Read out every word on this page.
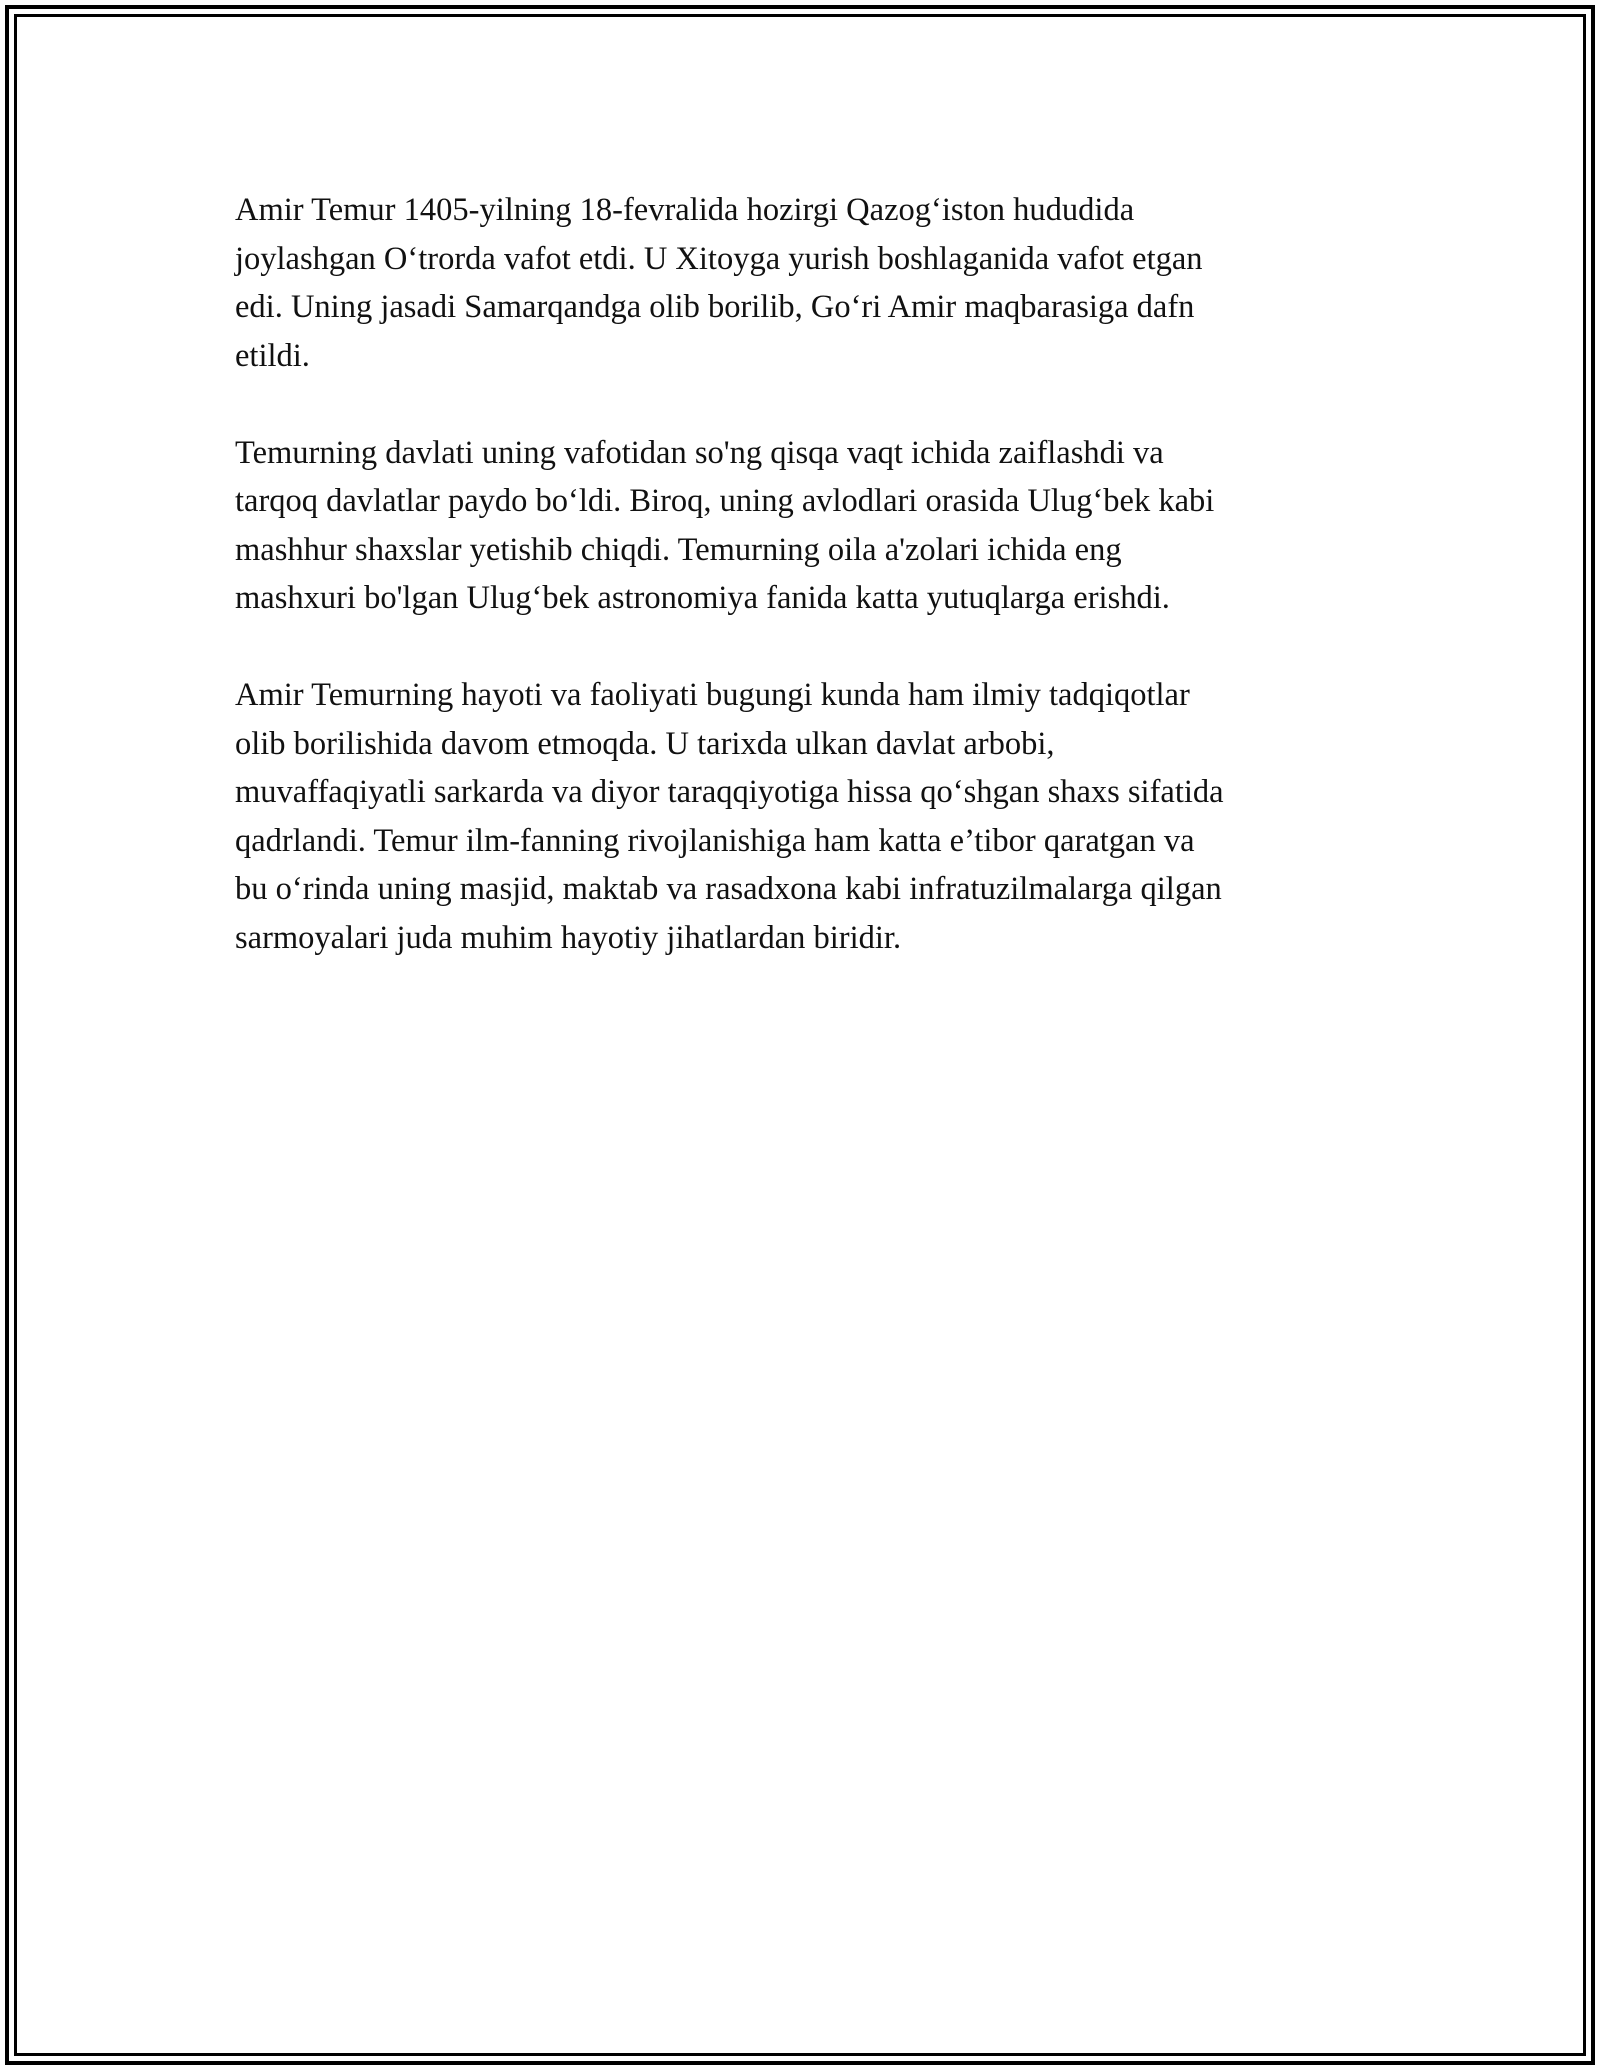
Amir Temur 1405-yilning 18-fevralida hozirgi Qazog‘iston hududida
joylashgan O‘trorda vafot etdi. U Xitoyga yurish boshlaganida vafot etgan
edi. Uning jasadi Samarqandga olib borilib, Go‘ri Amir maqbarasiga dafn
etildi.

Temurning davlati uning vafotidan so'ng qisqa vaqt ichida zaiflashdi va
tarqoq davlatlar paydo bo‘ldi. Biroq, uning avlodlari orasida Ulug‘bek kabi
mashhur shaxslar yetishib chiqdi. Temurning oila a'zolari ichida eng
mashxuri bo'lgan Ulug‘bek astronomiya fanida katta yutuqlarga erishdi.

Amir Temurning hayoti va faoliyati bugungi kunda ham ilmiy tadqiqotlar
olib borilishida davom etmoqda. U tarixda ulkan davlat arbobi,
muvaffaqiyatli sarkarda va diyor taraqqiyotiga hissa qo‘shgan shaxs sifatida
qadrlandi. Temur ilm-fanning rivojlanishiga ham katta e’tibor qaratgan va
bu o‘rinda uning masjid, maktab va rasadxona kabi infratuzilmalarga qilgan
sarmoyalari juda muhim hayotiy jihatlardan biridir.
